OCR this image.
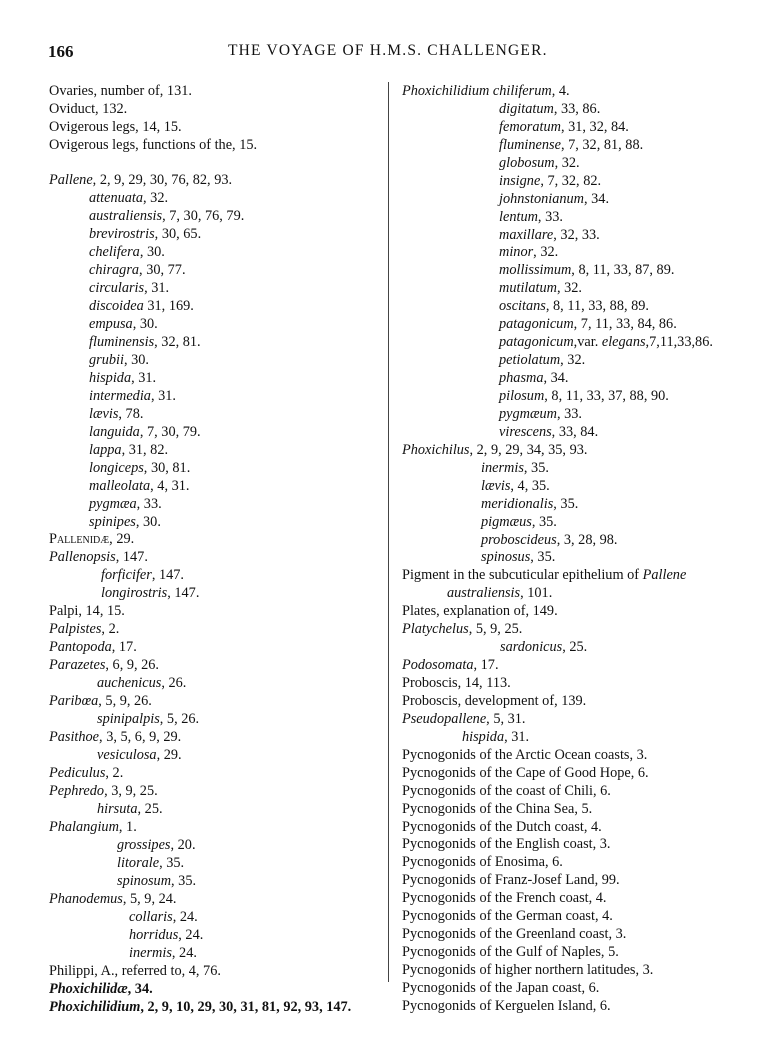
166	THE VOYAGE OF H.M.S. CHALLENGER.
Ovaries, number of, 131.
Oviduct, 132.
Ovigerous legs, 14, 15.
Ovigerous legs, functions of the, 15.
Pallene, 2, 9, 29, 30, 76, 82, 93.
attenuata, 32.
australiensis, 7, 30, 76, 79.
brevirostris, 30, 65.
chelifera, 30.
chiragra, 30, 77.
circularis, 31.
discoidea 31, 169.
empusa, 30.
fluminensis, 32, 81.
grubii, 30.
hispida, 31.
intermedia, 31.
lævis, 78.
languida, 7, 30, 79.
lappa, 31, 82.
longiceps, 30, 81.
malleolata, 4, 31.
pygmæa, 33.
spinipes, 30.
Pallenidæ, 29.
Pallenopsis, 147.
forficifer, 147.
longirostris, 147.
Palpi, 14, 15.
Palpistes, 2.
Pantopoda, 17.
Parazetes, 6, 9, 26.
auchenicus, 26.
Paribœa, 5, 9, 26.
spinipalpis, 5, 26.
Pasithoe, 3, 5, 6, 9, 29.
vesiculosa, 29.
Pediculus, 2.
Pephredo, 3, 9, 25.
hirsuta, 25.
Phalangium, 1.
grossipes, 20.
litorale, 35.
spinosum, 35.
Phanodemus, 5, 9, 24.
collaris, 24.
horridus, 24.
inermis, 24.
Philippi, A., referred to, 4, 76.
Phoxichilidæ, 34.
Phoxichilidium, 2, 9, 10, 29, 30, 31, 81, 92, 93, 147.
Phoxichilidium chiliferum, 4.
digitatum, 33, 86.
femoratum, 31, 32, 84.
fluminense, 7, 32, 81, 88.
globosum, 32.
insigne, 7, 32, 82.
johnstonianum, 34.
lentum, 33.
maxillare, 32, 33.
minor, 32.
mollissimum, 8, 11, 33, 87, 89.
mutilatum, 32.
oscitans, 8, 11, 33, 88, 89.
patagonicum, 7, 11, 33, 84, 86.
patagonicum,var. elegans,7,11,33,86.
petiolatum, 32.
phasma, 34.
pilosum, 8, 11, 33, 37, 88, 90.
pygmæum, 33.
virescens, 33, 84.
Phoxichilus, 2, 9, 29, 34, 35, 93.
inermis, 35.
lævis, 4, 35.
meridionalis, 35.
pigmæus, 35.
proboscideus, 3, 28, 98.
spinosus, 35.
Pigment in the subcuticular epithelium of Pallene
australiensis, 101.
Plates, explanation of, 149.
Platychelus, 5, 9, 25.
sardonicus, 25.
Podosomata, 17.
Proboscis, 14, 113.
Proboscis, development of, 139.
Pseudopallene, 5, 31.
hispida, 31.
Pycnogonids of the Arctic Ocean coasts, 3.
Pycnogonids of the Cape of Good Hope, 6.
Pycnogonids of the coast of Chili, 6.
Pycnogonids of the China Sea, 5.
Pycnogonids of the Dutch coast, 4.
Pycnogonids of the English coast, 3.
Pycnogonids of Enosima, 6.
Pycnogonids of Franz-Josef Land, 99.
Pycnogonids of the French coast, 4.
Pycnogonids of the German coast, 4.
Pycnogonids of the Greenland coast, 3.
Pycnogonids of the Gulf of Naples, 5.
Pycnogonids of higher northern latitudes, 3.
Pycnogonids of the Japan coast, 6.
Pycnogonids of Kerguelen Island, 6.
